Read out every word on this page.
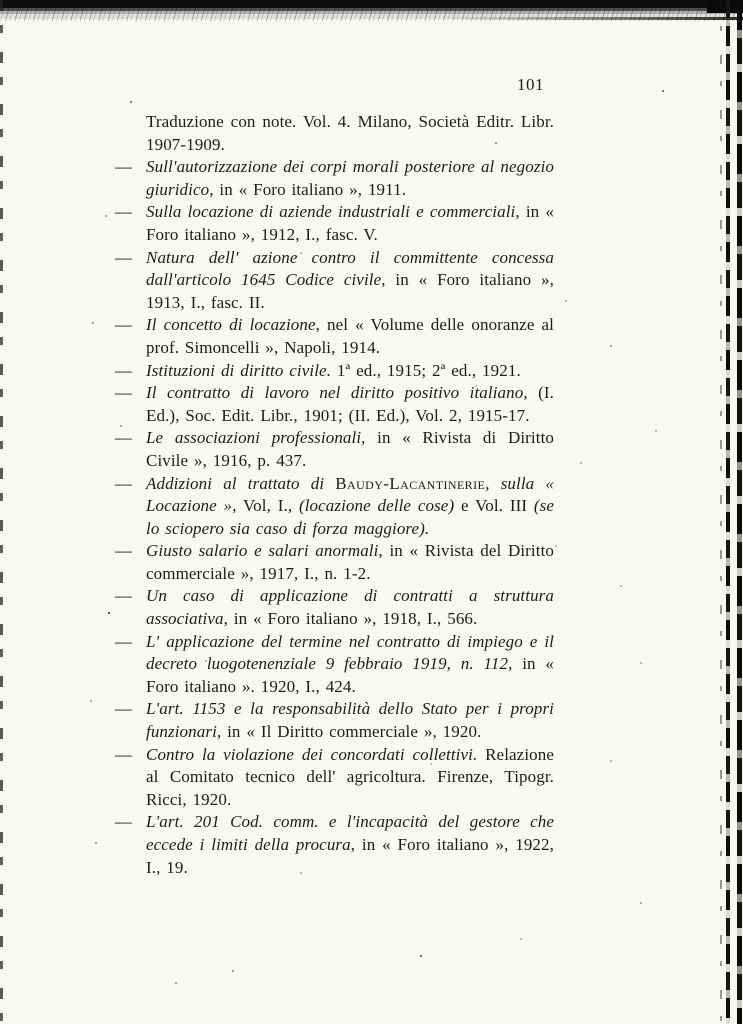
101
Traduzione con note. Vol. 4. Milano, Società Editr. Libr. 1907-1909.
— Sull'autorizzazione dei corpi morali posteriore al negozio giuridico, in « Foro italiano », 1911.
— Sulla locazione di aziende industriali e commerciali, in « Foro italiano », 1912, I., fasc. V.
— Natura dell' azione contro il committente concessa dall'articolo 1645 Codice civile, in « Foro italiano », 1913, I., fasc. II.
— Il concetto di locazione, nel « Volume delle onoranze al prof. Simoncelli », Napoli, 1914.
— Istituzioni di diritto civile. 1ª ed., 1915; 2ª ed., 1921.
— Il contratto di lavoro nel diritto positivo italiano, (I. Ed.), Soc. Edit. Libr., 1901; (II. Ed.), Vol. 2, 1915-17.
— Le associazioni professionali, in « Rivista di Diritto Civile », 1916, p. 437.
— Addizioni al trattato di Baudy-Lacantinerie, sulla « Locazione », Vol, I., (locazione delle cose) e Vol. III (se lo sciopero sia caso di forza maggiore).
— Giusto salario e salari anormali, in « Rivista del Diritto commerciale », 1917, I., n. 1-2.
— Un caso di applicazione di contratti a struttura associativa, in « Foro italiano », 1918, I., 566.
— L' applicazione del termine nel contratto di impiego e il decreto luogotenenziale 9 febbraio 1919, n. 112, in « Foro italiano ». 1920, I., 424.
— L'art. 1153 e la responsabilità dello Stato per i propri funzionari, in « Il Diritto commerciale », 1920.
— Contro la violazione dei concordati collettivi. Relazione al Comitato tecnico dell' agricoltura. Firenze, Tipogr. Ricci, 1920.
— L'art. 201 Cod. comm. e l'incapacità del gestore che eccede i limiti della procura, in « Foro italiano », 1922, I., 19.
